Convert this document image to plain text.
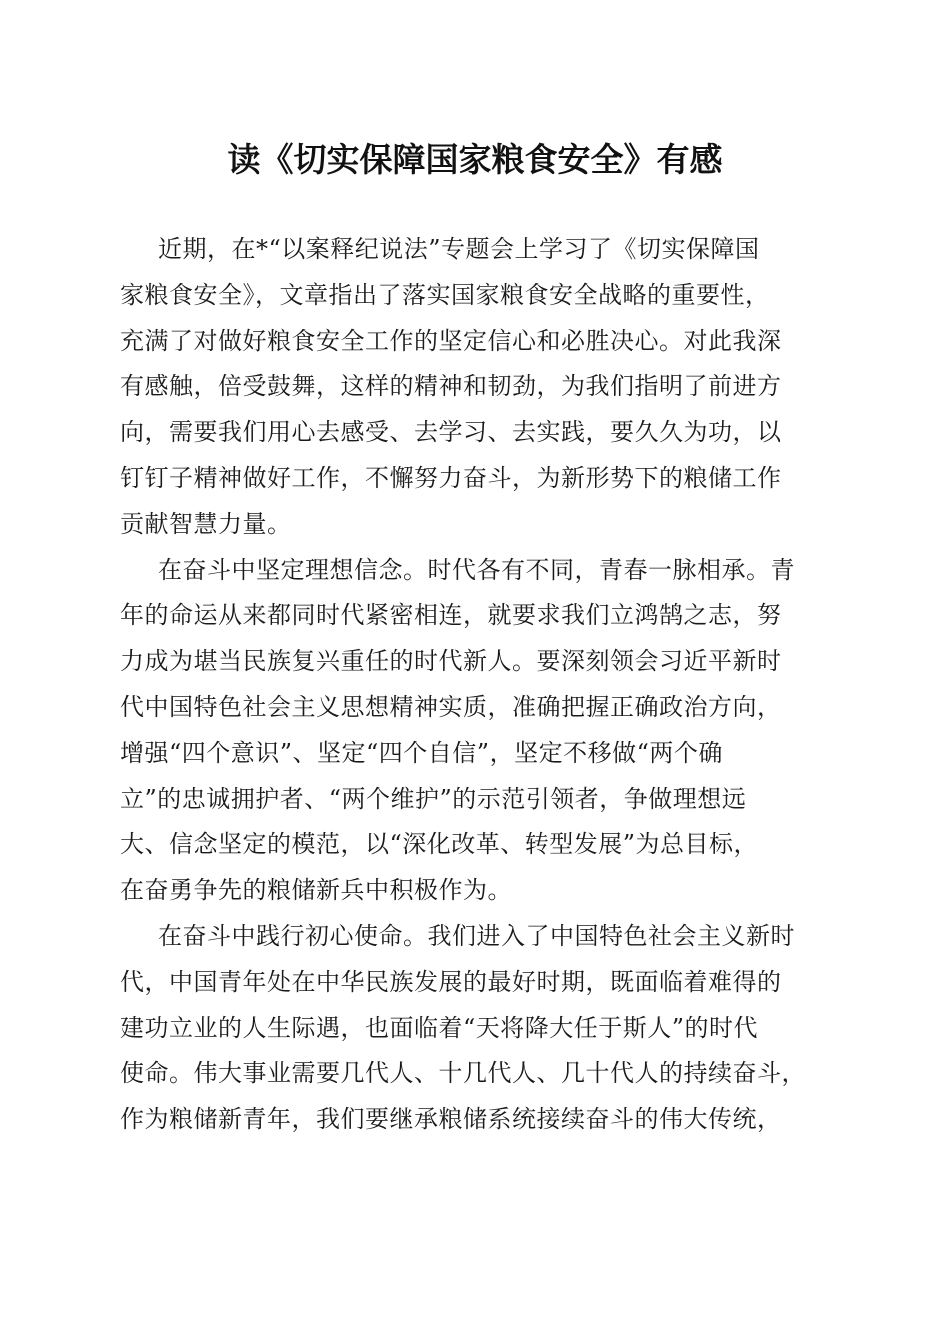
读《切实保障国家粮食安全》有感

近期，在*“以案释纪说法”专题会上学习了《切实保障国
家粮食安全》，文章指出了落实国家粮食安全战略的重要性，
充满了对做好粮食安全工作的坚定信心和必胜决心。对此我深
有感触，倍受鼓舞，这样的精神和韧劲，为我们指明了前进方
向，需要我们用心去感受、去学习、去实践，要久久为功，以
钉钉子精神做好工作，不懈努力奋斗，为新形势下的粮储工作
贡献智慧力量。

在奋斗中坚定理想信念。时代各有不同，青春一脉相承。青
年的命运从来都同时代紧密相连，就要求我们立鸿鹄之志，努
力成为堪当民族复兴重任的时代新人。要深刻领会习近平新时
代中国特色社会主义思想精神实质，准确把握正确政治方向，
增强“四个意识”、坚定“四个自信”，坚定不移做“两个确
立”的忠诚拥护者、“两个维护”的示范引领者，争做理想远
大、信念坚定的模范，以“深化改革、转型发展”为总目标，
在奋勇争先的粮储新兵中积极作为。

在奋斗中践行初心使命。我们进入了中国特色社会主义新时
代，中国青年处在中华民族发展的最好时期，既面临着难得的
建功立业的人生际遇，也面临着“天将降大任于斯人”的时代
使命。伟大事业需要几代人、十几代人、几十代人的持续奋斗，
作为粮储新青年，我们要继承粮储系统接续奋斗的伟大传统，
